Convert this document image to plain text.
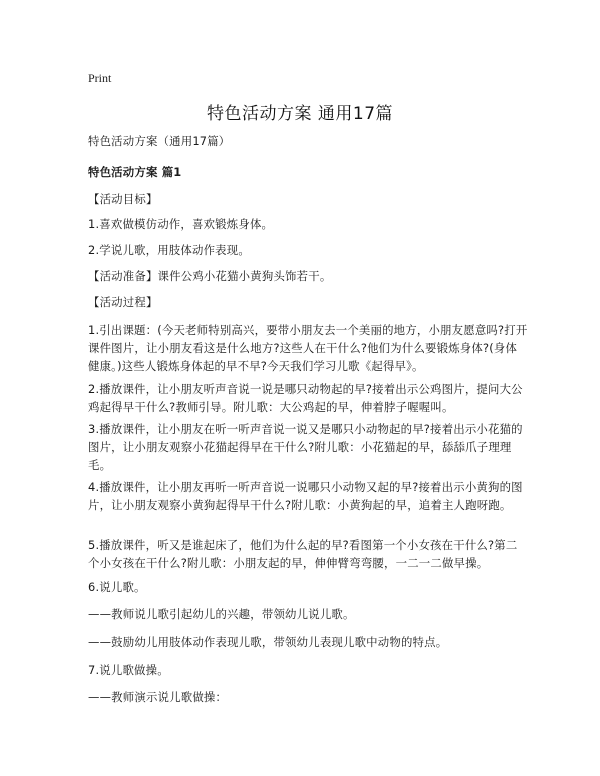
Print
特色活动方案 通用17篇
特色活动方案（通用17篇）
特色活动方案 篇1
【活动目标】
1.喜欢做模仿动作，喜欢锻炼身体。
2.学说儿歌，用肢体动作表现。
【活动准备】课件公鸡小花猫小黄狗头饰若干。
【活动过程】
1.引出课题：(今天老师特别高兴，要带小朋友去一个美丽的地方，小朋友愿意吗?打开课件图片，让小朋友看这是什么地方?这些人在干什么?他们为什么要锻炼身体?(身体健康。)这些人锻炼身体起的早不早?今天我们学习儿歌《起得早》。
2.播放课件，让小朋友听声音说一说是哪只动物起的早?接着出示公鸡图片，提问大公鸡起得早干什么?教师引导。附儿歌：大公鸡起的早，伸着脖子喔喔叫。
3.播放课件，让小朋友在听一听声音说一说又是哪只小动物起的早?接着出示小花猫的图片，让小朋友观察小花猫起得早在干什么?附儿歌：小花猫起的早，舔舔爪子理理毛。
4.播放课件，让小朋友再听一听声音说一说哪只小动物又起的早?接着出示小黄狗的图片，让小朋友观察小黄狗起得早干什么?附儿歌：小黄狗起的早，追着主人跑呀跑。
5.播放课件，听又是谁起床了，他们为什么起的早?看图第一个小女孩在干什么?第二个小女孩在干什么?附儿歌：小朋友起的早，伸伸臂弯弯腰，一二一二做早操。
6.说儿歌。
——教师说儿歌引起幼儿的兴趣，带领幼儿说儿歌。
——鼓励幼儿用肢体动作表现儿歌，带领幼儿表现儿歌中动物的特点。
7.说儿歌做操。
——教师演示说儿歌做操：
